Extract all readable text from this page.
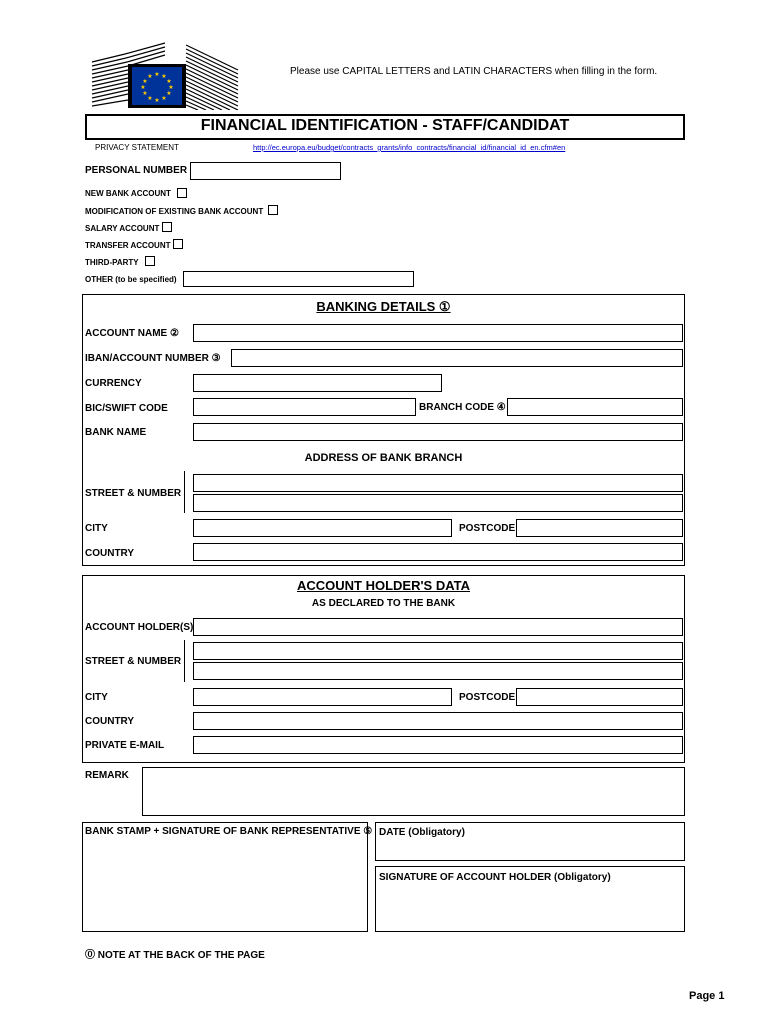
★ ★
★
★
★
★
★
★
★
★
★
★	Please use CAPITAL LETTERS and LATIN CHARACTERS when filling in the form.
FINANCIAL IDENTIFICATION - STAFF/CANDIDAT
PRIVACY STATEMENT	http://ec.europa.eu/budget/contracts_grants/info_contracts/financial_id/financial_id_en.cfm#en
PERSONAL NUMBER
NEW BANK ACCOUNT
MODIFICATION OF EXISTING BANK ACCOUNT
SALARY ACCOUNT
TRANSFER ACCOUNT
THIRD-PARTY
OTHER (to be specified)
BANKING DETAILS ①
ACCOUNT NAME ②
IBAN/ACCOUNT NUMBER ③
CURRENCY
BIC/SWIFT CODE	BRANCH CODE ④
BANK NAME
ADDRESS OF BANK BRANCH
STREET & NUMBER
CITY	POSTCODE
COUNTRY
ACCOUNT HOLDER'S DATA
AS DECLARED TO THE BANK
ACCOUNT HOLDER(S)
STREET & NUMBER
CITY	POSTCODE
COUNTRY
PRIVATE E-MAIL
REMARK
BANK STAMP + SIGNATURE OF BANK REPRESENTATIVE ⑤ DATE (Obligatory)
SIGNATURE OF ACCOUNT HOLDER (Obligatory)
⓪ NOTE AT THE BACK OF THE PAGE
Page 1
